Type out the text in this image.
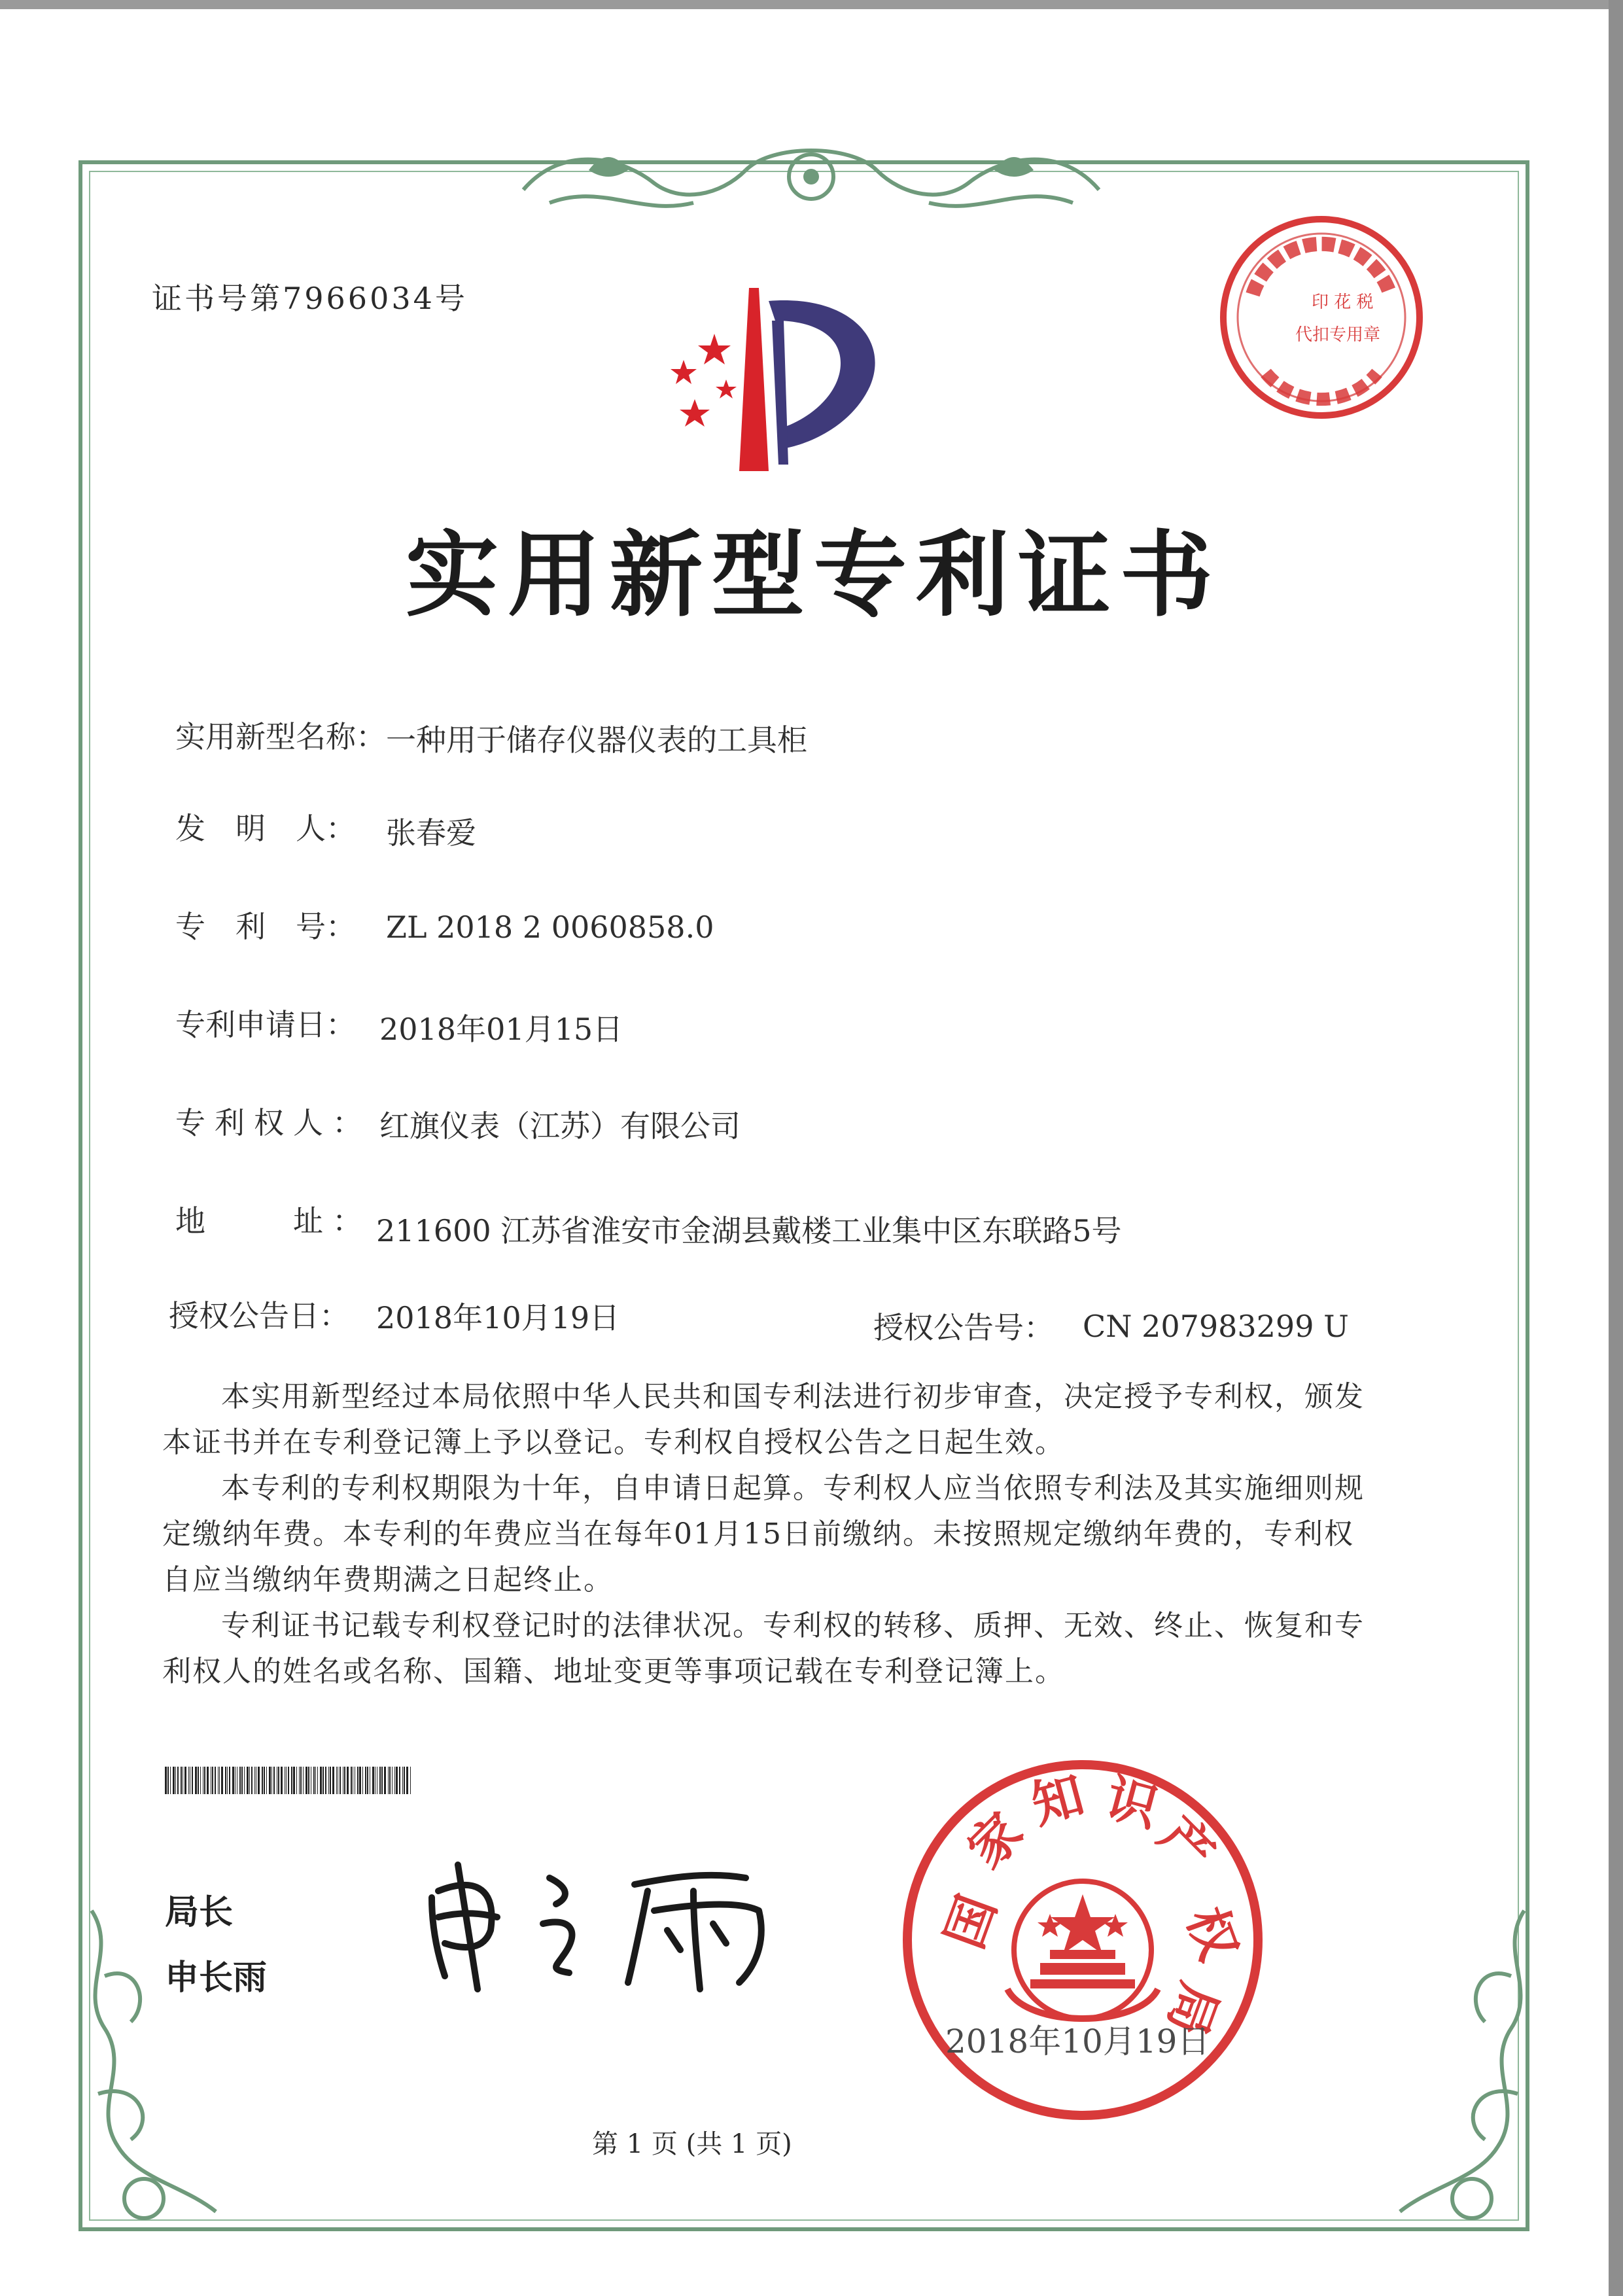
证书号第7966034号	印 花 税
代扣专用章
实用新型专利证书
实用新型名称： 一种用于储存仪器仪表的工具柜
发　明　人： 张春爱
专　利　号： ZL 2018 2 0060858.0
专利申请日： 2018年01月15日
专利权人： 红旗仪表（江苏）有限公司
地　　址： 211600 江苏省淮安市金湖县戴楼工业集中区东联路5号
授权公告日： 2018年10月19日	授权公告号： CN 207983299 U
本实用新型经过本局依照中华人民共和国专利法进行初步审查，决定授予专利权，颁发本证书并在专利登记簿上予以登记。专利权自授权公告之日起生效。
本专利的专利权期限为十年，自申请日起算。专利权人应当依照专利法及其实施细则规定缴纳年费。本专利的年费应当在每年01月15日前缴纳。未按照规定缴纳年费的，专利权自应当缴纳年费期满之日起终止。
专利证书记载专利权登记时的法律状况。专利权的转移、质押、无效、终止、恢复和专利权人的姓名或名称、国籍、地址变更等事项记载在专利登记簿上。
局长
申长雨
国
家
知 识
产
权
局
2018年10月19日
第 1 页 (共 1 页)
